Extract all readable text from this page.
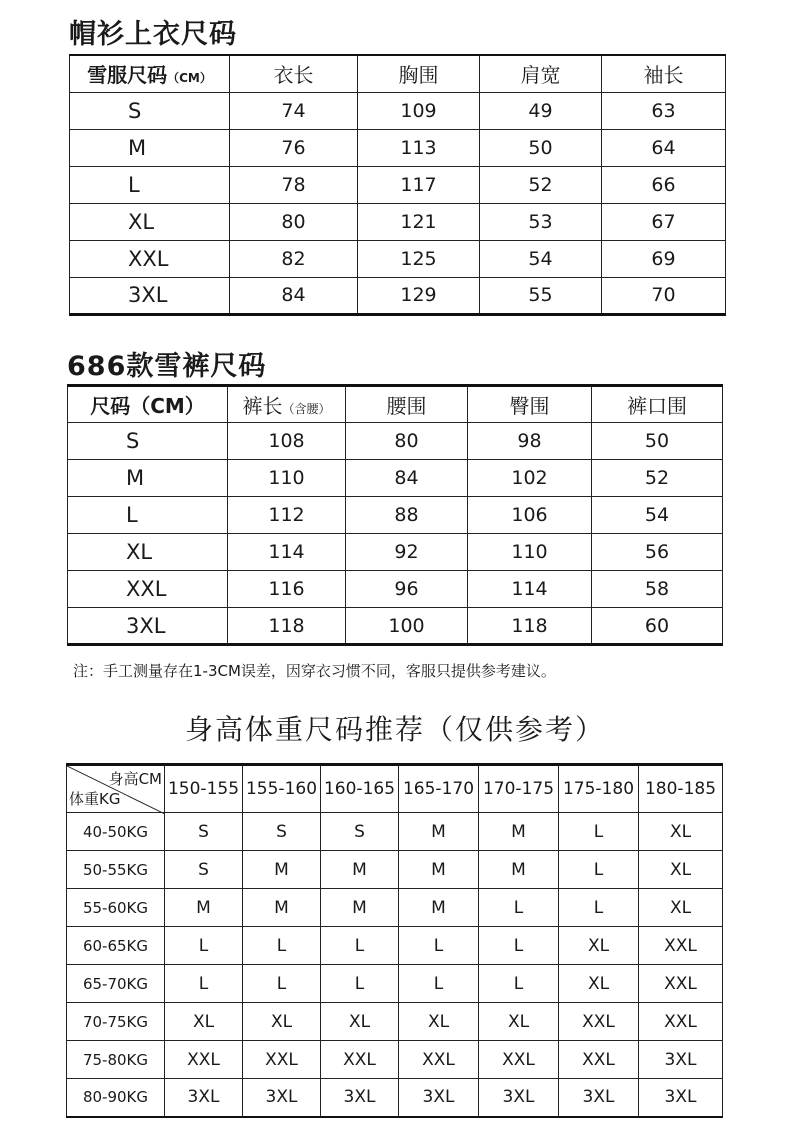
帽衫上衣尺码
雪服尺码（CM）	衣长	胸围	肩宽	袖长
S	74	109	49	63
M	76	113	50	64
L	78	117	52	66
XL	80	121	53	67
XXL	82	125	54	69
3XL	84	129	55	70
686款雪裤尺码
尺码（CM）	裤长（含腰）	腰围	臀围	裤口围
S	108	80	98	50
M	110	84	102	52
L	112	88	106	54
XL	114	92	110	56
XXL	116	96	114	58
3XL	118	100	118	60
注：手工测量存在1-3CM误差，因穿衣习惯不同，客服只提供参考建议。
身高体重尺码推荐（仅供参考）
身高CM
体重KG	150-155	155-160	160-165	165-170	170-175	175-180	180-185
40-50KG	S	S	S	M	M	L	XL
50-55KG	S	M	M	M	M	L	XL
55-60KG	M	M	M	M	L	L	XL
60-65KG	L	L	L	L	L	XL	XXL
65-70KG	L	L	L	L	L	XL	XXL
70-75KG	XL	XL	XL	XL	XL	XXL	XXL
75-80KG	XXL	XXL	XXL	XXL	XXL	XXL	3XL
80-90KG	3XL	3XL	3XL	3XL	3XL	3XL	3XL
